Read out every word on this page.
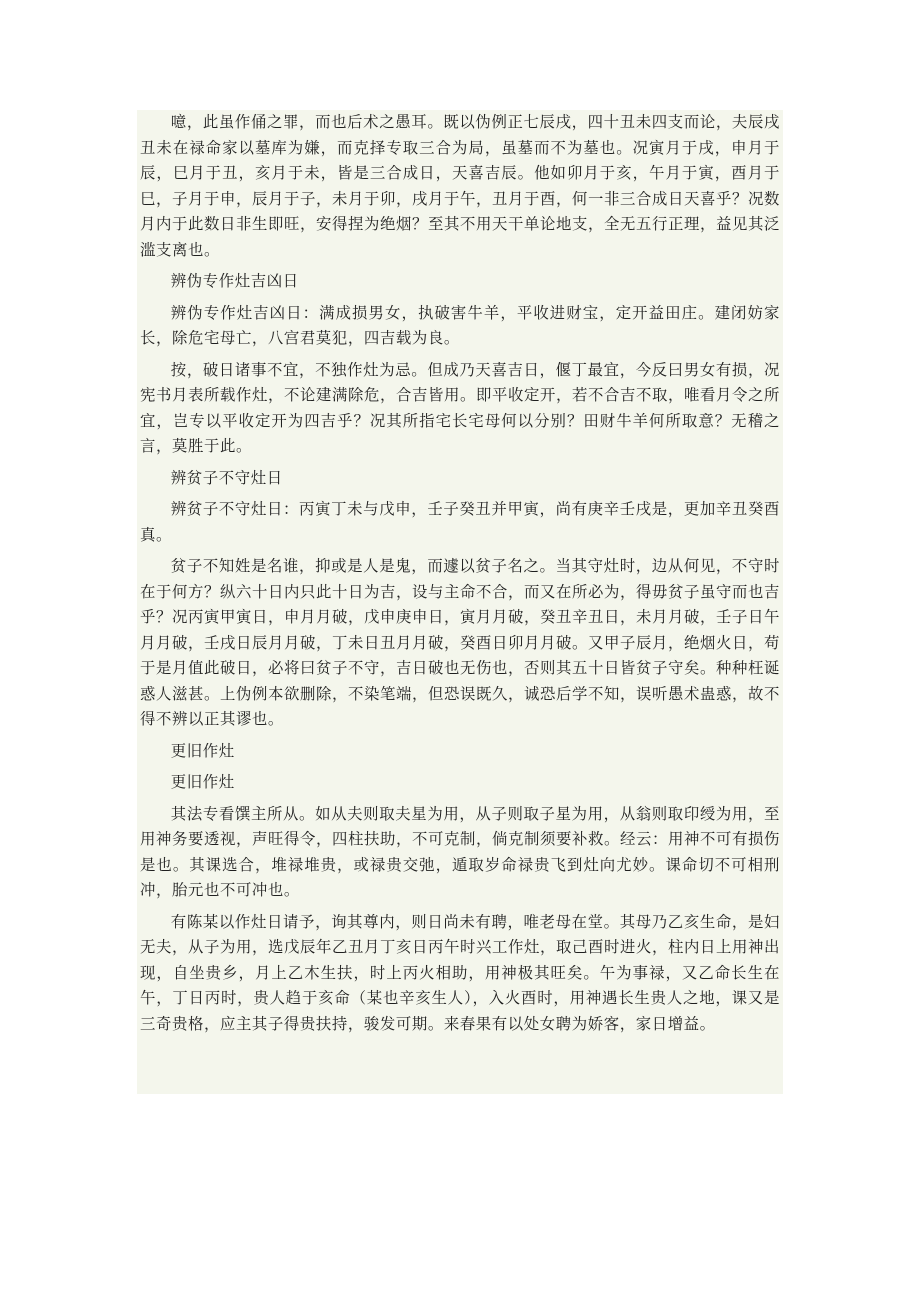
噫，此虽作俑之罪，而也后术之愚耳。既以伪例正七辰戌，四十丑未四支而论，夫辰戌丑未在禄命家以墓库为嫌，而克择专取三合为局，虽墓而不为墓也。况寅月于戌，申月于辰，巳月于丑，亥月于未，皆是三合成日，天喜吉辰。他如卯月于亥，午月于寅，酉月于巳，子月于申，辰月于子，未月于卯，戌月于午，丑月于酉，何一非三合成日天喜乎？况数月内于此数日非生即旺，安得捏为绝烟？至其不用天干单论地支，全无五行正理，益见其泛滥支离也。

辨伪专作灶吉凶日

辨伪专作灶吉凶日：满成损男女，执破害牛羊，平收进财宝，定开益田庄。建闭妨家长，除危宅母亡，八宫君莫犯，四吉载为良。

按，破日诸事不宜，不独作灶为忌。但成乃天喜吉日，偃丁最宜，今反曰男女有损，况宪书月表所载作灶，不论建满除危，合吉皆用。即平收定开，若不合吉不取，唯看月令之所宜，岂专以平收定开为四吉乎？况其所指宅长宅母何以分别？田财牛羊何所取意？无稽之言，莫胜于此。

辨贫子不守灶日

辨贫子不守灶日：丙寅丁未与戊申，壬子癸丑并甲寅，尚有庚辛壬戌是，更加辛丑癸酉真。

贫子不知姓是名谁，抑或是人是鬼，而遽以贫子名之。当其守灶时，边从何见，不守时在于何方？纵六十日内只此十日为吉，设与主命不合，而又在所必为，得毋贫子虽守而也吉乎？况丙寅甲寅日，申月月破，戊申庚申日，寅月月破，癸丑辛丑日，未月月破，壬子日午月月破，壬戌日辰月月破，丁未日丑月月破，癸酉日卯月月破。又甲子辰月，绝烟火日，苟于是月值此破日，必将曰贫子不守，吉日破也无伤也，否则其五十日皆贫子守矣。种种枉诞惑人滋甚。上伪例本欲删除，不染笔端，但恐误既久，诚恐后学不知，误听愚术蛊惑，故不得不辨以正其谬也。

更旧作灶

更旧作灶

其法专看馔主所从。如从夫则取夫星为用，从子则取子星为用，从翁则取印绶为用，至用神务要透视，声旺得令，四柱扶助，不可克制，倘克制须要补救。经云：用神不可有损伤是也。其课选合，堆禄堆贵，或禄贵交弛，遁取岁命禄贵飞到灶向尤妙。课命切不可相刑冲，胎元也不可冲也。

有陈某以作灶日请予，询其尊内，则日尚未有聘，唯老母在堂。其母乃乙亥生命，是妇无夫，从子为用，选戊辰年乙丑月丁亥日丙午时兴工作灶，取己酉时进火，柱内日上用神出现，自坐贵乡，月上乙木生扶，时上丙火相助，用神极其旺矣。午为事禄，又乙命长生在午，丁日丙时，贵人趋于亥命（某也辛亥生人），入火酉时，用神遇长生贵人之地，课又是三奇贵格，应主其子得贵扶持，骏发可期。来春果有以处女聘为娇客，家日增益。
